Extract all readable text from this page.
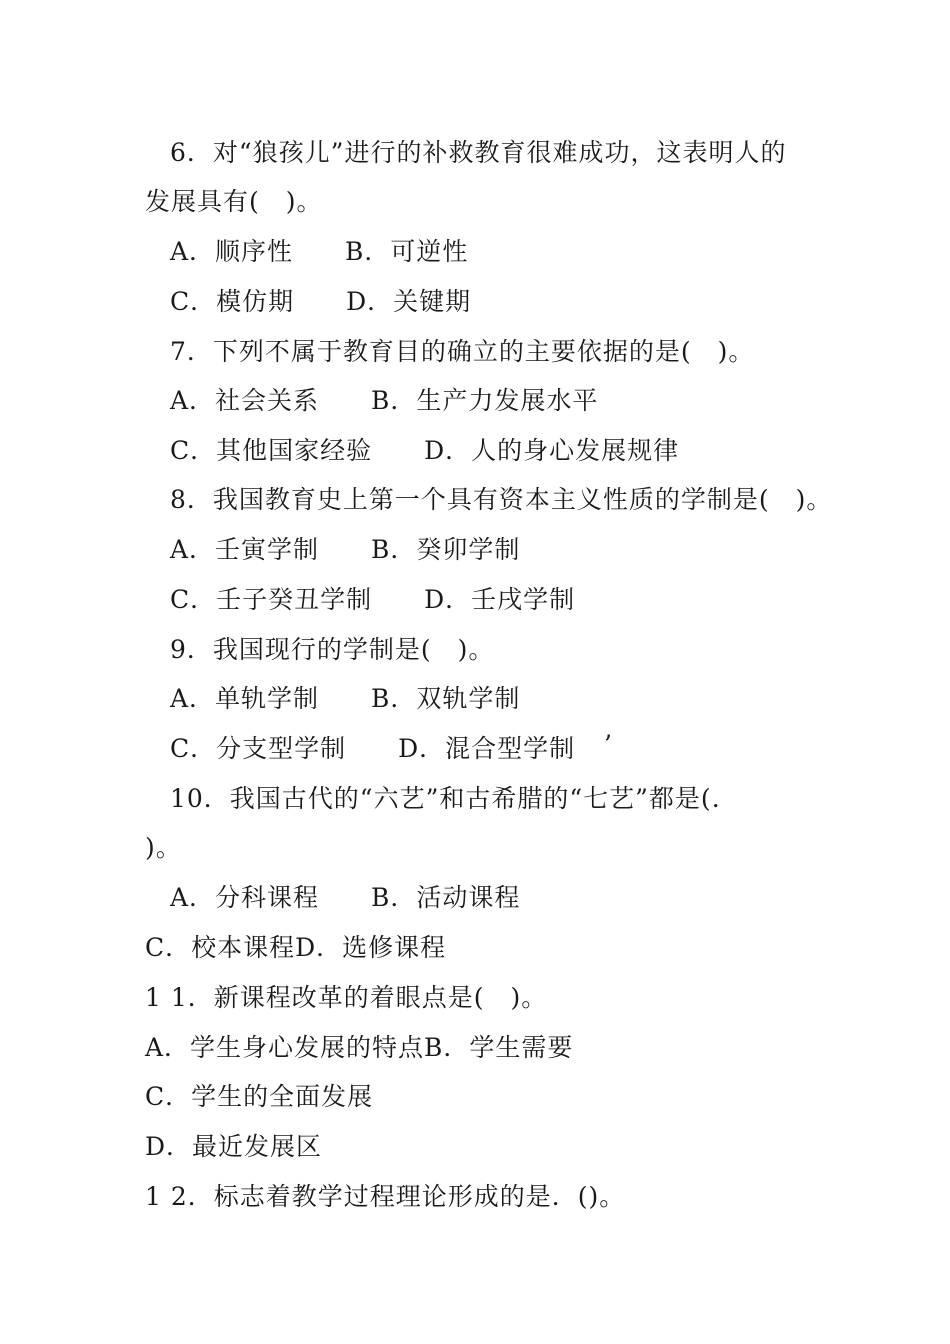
6．对“狼孩儿”进行的补救教育很难成功，这表明人的
发展具有(　)。
A．顺序性　　B．可逆性
C．模仿期　　D．关键期
7．下列不属于教育目的确立的主要依据的是(　)。
A．社会关系　　B．生产力发展水平
C．其他国家经验　　D．人的身心发展规律
8．我国教育史上第一个具有资本主义性质的学制是(　)。
A．壬寅学制　　B．癸卯学制
C．壬子癸丑学制　　D．壬戌学制
9．我国现行的学制是(　)。
A．单轨学制　　B．双轨学制
C．分支型学制　　D．混合型学制 ’
10．我国古代的“六艺”和古希腊的“七艺”都是(.
)。
A．分科课程　　B．活动课程
C．校本课程D．选修课程
1 1．新课程改革的着眼点是(　)。
A．学生身心发展的特点B．学生需要
C．学生的全面发展
D．最近发展区
1 2．标志着教学过程理论形成的是．()。
